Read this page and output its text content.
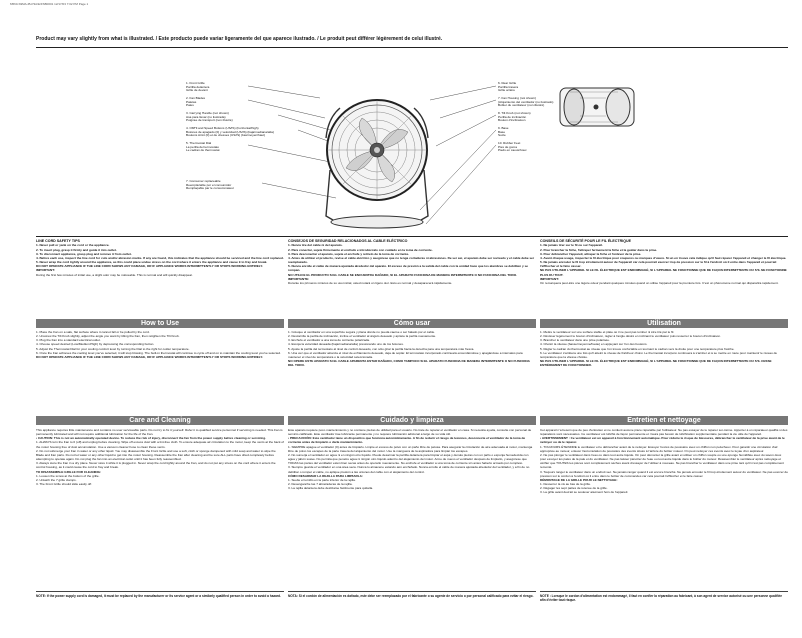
M560-S9MA-IB-P3A/E/FSB0001 12/17/03 7:02 PM Page 1
Product may vary slightly from what is illustrated. / Este producto puede variar ligeramente del que aparece ilustrado. / Le produit peut différer légèrement de celui illustré.
1. Front Grille
Parrilla delantera
Grille de devant
2. Fan Blades
Paletas
Pales
3. Carrying Handle (not shown)
Asa para llevar (no ilustrada)
Poignée de transport (non illustré)
4. Off/Hi and Speed Buttons (US/IS) (horizontal/high)
Botones de apagado (0) y velocidad (US/IS) (baja/mediana/alta)
Boutons Arrêt (0) et de vitesses (US/IS) (bas/moyen/haut)
5. Thermostat Dial
La perilla del termostato
Le cadran de thermostat
7. Consumer replaceable
Reemplazable por el consumidor
Remplaçable par le consommateur
6. Rear Grille
Parrilla trasera
Grille arrière
7. Fan Housing (not shown)
(Alojamiento del ventilador (no ilustrado)
Boîtier du ventilateur (non illustré)
8. Tilt Knob (not shown)
Perilla de inclinación
Bouton d'inclinaison
9. Base
Base
Socle
10. Rubber Feet
Pies de goma
Pieds en caoutchouc
LINE CORD SAFETY TIPS
1. Never pull or yank on the cord or the appliance.
2. To insert plug, grasp it firmly and guide it into outlet.
3. To disconnect appliance, grasp plug and remove it from outlet.
4. Before each use, inspect the line cord for cuts and/or abrasion marks. If any are found, this indicates that the appliance should be serviced and the line cord replaced.
5. Never wrap the cord tightly around the appliance, as this could place undue stress on the cord where it enters the appliance and cause it to fray and break.
DO NOT OPERATE APPLIANCE IF THE LINE CORD SHOWS ANY DAMAGE, OR IF APPLIANCE WORKS INTERMITTENTLY OR STOPS WORKING ENTIRELY.
IMPORTANT:
During the first few minutes of initial use, a slight odor may be noticeable. This is normal and will quickly disappear.
How to Use
1. Place the Fan on a safe, flat surface where it cannot fall or be pulled by the cord.
2. Unscrew the Tilt Knob slightly, adjust the angle you want by tilting the Fan, then retighten the Tilt Knob.
3. Plug the Fan into a standard electrical outlet.
4. Choose speed desired (Low/Medium/High) by depressing the corresponding button.
5. Adjust the Thermostat Dial for your cooling comfort level by turning the Dial to the right for colder temperature.
6. Once the Fan achieves the cooling level you've selected, it will stop blowing. The built-in thermostat will continue to cycle off and on to maintain the cooling level you've selected.
DO NOT OPERATE APPLIANCE IF THE LINE CORD SHOWS ANY DAMAGE, OR IF APPLIANCE WORKS INTERMITTENTLY OR STOPS WORKING ENTIRELY.
Care and Cleaning
This appliance requires little maintenance and contains no user serviceable parts. Do not try to fix it yourself. Refer it to qualified service personnel if servicing is needed. This Fan is permanently lubricated and will not require additional lubrication for the life of the Fan.
• CAUTION: This is not an automatically operated device. To reduce the risk of injury, disconnect the fan from the power supply before cleaning or servicing.
1. ALWAYS turn the Fan to 0 (off) and unplug before cleaning. Wipe off excess dust with a lint-free cloth. To ensure adequate air circulation to the motor, keep the vents at the back of the motor housing free of dust accumulation. Use a vacuum cleaner hose to clean these vents.
2. Do not submerge your Fan in water or any other liquid. You may disassemble the Front Grille and use a soft, cloth or sponge dampened with mild soap and water to wipe the Blade and Fan parts. Do not let water or any other liquid to get into the motor housing. Reassemble the Fan after cleaning and be sure ALL parts have dried completely before attempting to operate again. Do not plug the fan into an electrical outlet until it has been fully reassembled.
3. Always store the Fan in a dry place. Never store it while it is plugged in. Never wrap the cord tightly around the Fan, and do not put any stress on the cord where it enters the control housing, as it could cause the cord to fray and break.
TO DISASSEMBLE GRILLE FOR CLEANING:
1. Loosen the screw at the bottom of the grille.
2. Unlatch the 7 grille clamps.
3. The Front Grille should slide easily off.
NOTE: If the power supply cord is damaged, it must be replaced by the manufacturer or its service agent or a similarly qualified person in order to avoid a hazard.
CONSEJOS DE SEGURIDAD RELACIONADOS AL CABLE ELÉCTRICO
1. Nunca tire del cable ni del aparato.
2. Para conectar, sujete firmemente el enchufe e introdúzcalo con cuidado en la toma de corriente.
3. Para desconectar el aparato, sujete el enchufe y retírelo de la toma de corriente.
4. Antes de utilizar el producto, revise el cable eléctrico y asegúrese que no tenga cortaduras ni abrasiones. De ser así, el aparato debe ser revisado y el cable debe ser reemplazado.
5. Nunca enrolle el cable de manera ajustada alrededor del aparato. El exceso de presión a la salida del cable con la unidad hace que los alambres se debiliten y se rompan.
NO UTILICE EL PRODUCTO SI EL CABLE SE ENCUENTRA DAÑADO, SI EL APARATO FUNCIONA DE MANERA INTERMITENTE O NO FUNCIONA DEL TODO.
IMPORTANTE:
Durante los primeros minutos de su uso inicial, usted notará un ligero olor. Esto es normal y desaparecerá rápidamente.
Cómo usar
1. Coloque el ventilador en una superficie segura y plana donde no pueda caerse o ser halado por el cable.
2. Destornille la perilla de inclinación, incline el ventilador al ángulo deseado y apriete la perilla nuevamente.
3. Enchufe el ventilador a una toma de corriente polarizada.
4. Escoja la velocidad deseada (baja/mediana/alta) presionando uno de los botones.
5. Ajuste la perilla del termostato al nivel de confort deseado, con sólo girar la perilla hacia la derecha para una temperatura más fresca.
6. Una vez que el ventilador alcanza el nivel de enfriamiento deseado, deja de soplar. El termostato incorporado continuará encendiéndose y apagándose a intervalos para mantener el nivel de temperatura o la velocidad seleccionada.
NO OPERE ESTE APARATO SI EL CABLE APARENTA ESTAR DAÑADO, COMO TAMPOCO SI EL APARATO FUNCIONA DE MANERA INTERMITENTE O NO FUNCIONA DEL TODO.
Cuidado y limpieza
Este aparato requiere poco mantenimiento y no contiene piezas de utilidad para el usuario. No trate de reparar el ventilador en casa. Si necesita ayuda, consulte con personal de servicio calificado. Este ventilador trae lubricante permanente y no requiere lubricación adicional a largo de su vida útil.
• PRECAUCIÓN: Este ventilador tiene un dispositivo que funciona automáticamente. A fin de reducir el riesgo de lesiones, desconecte el ventilador de la toma de corriente antes de limpiarlo o darle mantenimiento.
1. SIEMPRE apague el ventilador (0) antes de limpiarlo. Limpie el exceso de polvo con un paño libre de pelusa. Para asegurar la circulación de aire adecuada al motor, mantenga libre de polvo los escapes de la parte trasera del alojamiento del motor. Use la manguera de la aspiradora para limpiar los escapes.
2. No sumerja el ventilador en agua ni en ningún otro líquido. Puede desarmar la parrilla delantera para limpiar el aspa y demás piezas con un paño o esponja humedecida con agua y jabón suave. No permita que penetre agua ni ningún otro líquido adentro del alojamiento del motor. Arme de nuevo el ventilador después de limpiarlo, y asegúrese que TODAS las partes del ventilador estén bien secas antes de operarlo nuevamente. No enchufe el ventilador a una toma de corriente sin antes haberlo armado por completo.
3. Siempre guarde el ventilador en una área seca. Nunca lo almacene estando aún enchufado. Nunca enrolle el cable de manera ajustada alrededor del ventilador, y a fin de no debilitar o romper el cable, no aplique presión a las uniones del cable con el alojamiento del control.
CÓMO DESARMAR LA REJILLA PARA LIMPIARLA:
1. Suelte el tornillo en la parte inferior de la rejilla.
2. Desenganche las 7 abrazaderas de la rejilla.
3. La rejilla delantera debe deslizarse fácilmente para quitarla.
NOTA: Si el cordón de alimentación es dañado, este debe ser reemplazado por el fabricante o su agente de servicio o por personal calificado para evitar el riesgo.
CONSEILS DE SÉCURITÉ POUR LE FIL ÉLECTRIQUE
1. Ne jamais tirer sur le fil ou sur l'appareil.
2. Pour brancher la fiche, l'attraper fermement la fiche et la guider dans la prise.
3. Pour débrancher l'appareil, attraper la fiche et l'enlever de la prise.
4. Avant chaque usage, inspecter le fil électrique pour coupures ou marques d'usure. Si un en trouve cela indique qu'il faut réparer l'appareil et changer le fil électrique.
5. Ne jamais enrouler le fil trop étroitement autour de l'appareil car cela pourrait exercer trop de pression sur le fil à l'endroit où il entre dans l'appareil et pourrait l'effilocher et le faire casser.
NE PAS UTILISER L'APPAREIL SI LE FIL ÉLECTRIQUE EST ENDOMMAGÉ, SI L'APPAREIL NE FONCTIONNE QUE DE FAÇON INTERMITTENTE OU S'IL NE FONCTIONNE PLUS DU TOUT.
IMPORTANT:
On remarquera peut-être une légère odeur pendant quelques minutes quand on utilise l'appareil pour la première fois. C'est un phénomène normal qui disparaîtra rapidement.
Utilisation
1. Mettre le ventilateur sur une surface stable et plate où il ne peut pas tomber ni être tiré par le fil.
2. Dévisser légèrement le bouton d'inclinaison, régler à l'angle désiré en inclinant le ventilateur puis resserrer le bouton d'inclinaison.
3. Brancher le ventilateur dans une prise polarisée.
4. Choisir la vitesse (basse/moyenne/haute) en appuyant sur l'un des boutons.
5. Régler le cadran du thermostat au niveau que l'on trouve confortable en tournant le cadran vers la droite pour une température plus fraîche.
6. Le ventilateur s'arrêtera une fois qu'il atteint le niveau de fraîcheur choisi. Le thermostat incorporé continuera à s'arrêter et à se mettre en route pour maintenir le niveau de température que la vitesse choisie.
NE PAS UTILISER L'APPAREIL SI LE FIL ÉLECTRIQUE EST ENDOMMAGÉ, SI L'APPAREIL NE FONCTIONNE QUE DE FAÇON INTERMITTENTE OU S'IL CESSE ENTIÈREMENT DE FONCTIONNER.
Entretien et nettoyage
Cet appareil n'a besoin que de peu d'entretien et ne contient aucune pièce réparable par l'utilisateur. Ne pas essayer de le réparer soi-même. Apporter à un réparateur qualifié si des réparations sont nécessaires. Ce ventilateur est lubrifié de façon permanente et n'aura pas besoin de lubrification supplémentaire pendant la vie utile de l'appareil.
• AVERTISSEMENT : Ce ventilateur est un appareil à fonctionnement automatique. Pour réduire le risque de blessures, débrancher le ventilateur de la prise avant de le nettoyer ou de le réparer.
1. TOUJOURS ÉTEINDRE le ventilateur et le débrancher avant de le nettoyer. Essuyer l'excès de poussière avec un chiffon non pelucheux. Pour garantir une circulation d'air appropriée au moteur, enlever l'accumulation de poussière des évents situés à l'arrière du boîtier moteur. On peut nettoyer ces évents avec le tuyau d'un aspirateur.
2. Ne pas plonger le ventilateur dans l'eau ou dans tout autre liquide. On peut démonter la grille avant et utiliser un chiffon souple ou une éponge humidifiée avec du savon doux pour essuyer les pales de la pale et du ventilateur. Ne pas laisser pénétrer de l'eau ou tout autre liquide dans le boîtier du moteur. Réassembler le ventilateur après nettoyage et vérifier que TOUTES les pièces sont complètement sèches avant d'essayer de l'utiliser à nouveau. Ne pas brancher le ventilateur dans une prise tant qu'il n'est pas complètement remonté.
3. Toujours ranger le ventilateur dans un endroit sec. Ne jamais ranger quand il est encore branché. Ne jamais enrouler le fil trop étroitement autour du ventilateur. Ne pas exercer de pression sur le cordon à l'endroit où il entre dans le boîtier de commandes car cela pourrait l'effilocher et le faire casser.
DÉMONTAGE DE LA GRILLE POUR LE NETTOYAGE:
1. Desserrer la vis au bas de la grille.
2. Dégager les sept pattes de retenue de la grille.
3. La grille avant devrait se soulever aisément hors de l'appareil.
NOTE : Lorsque le cordon d'alimentation est endommagé, il faut en confier la réparation au fabricant, à son agent de service autorisé ou une personne qualifiée afin d'éviter tout risque.
